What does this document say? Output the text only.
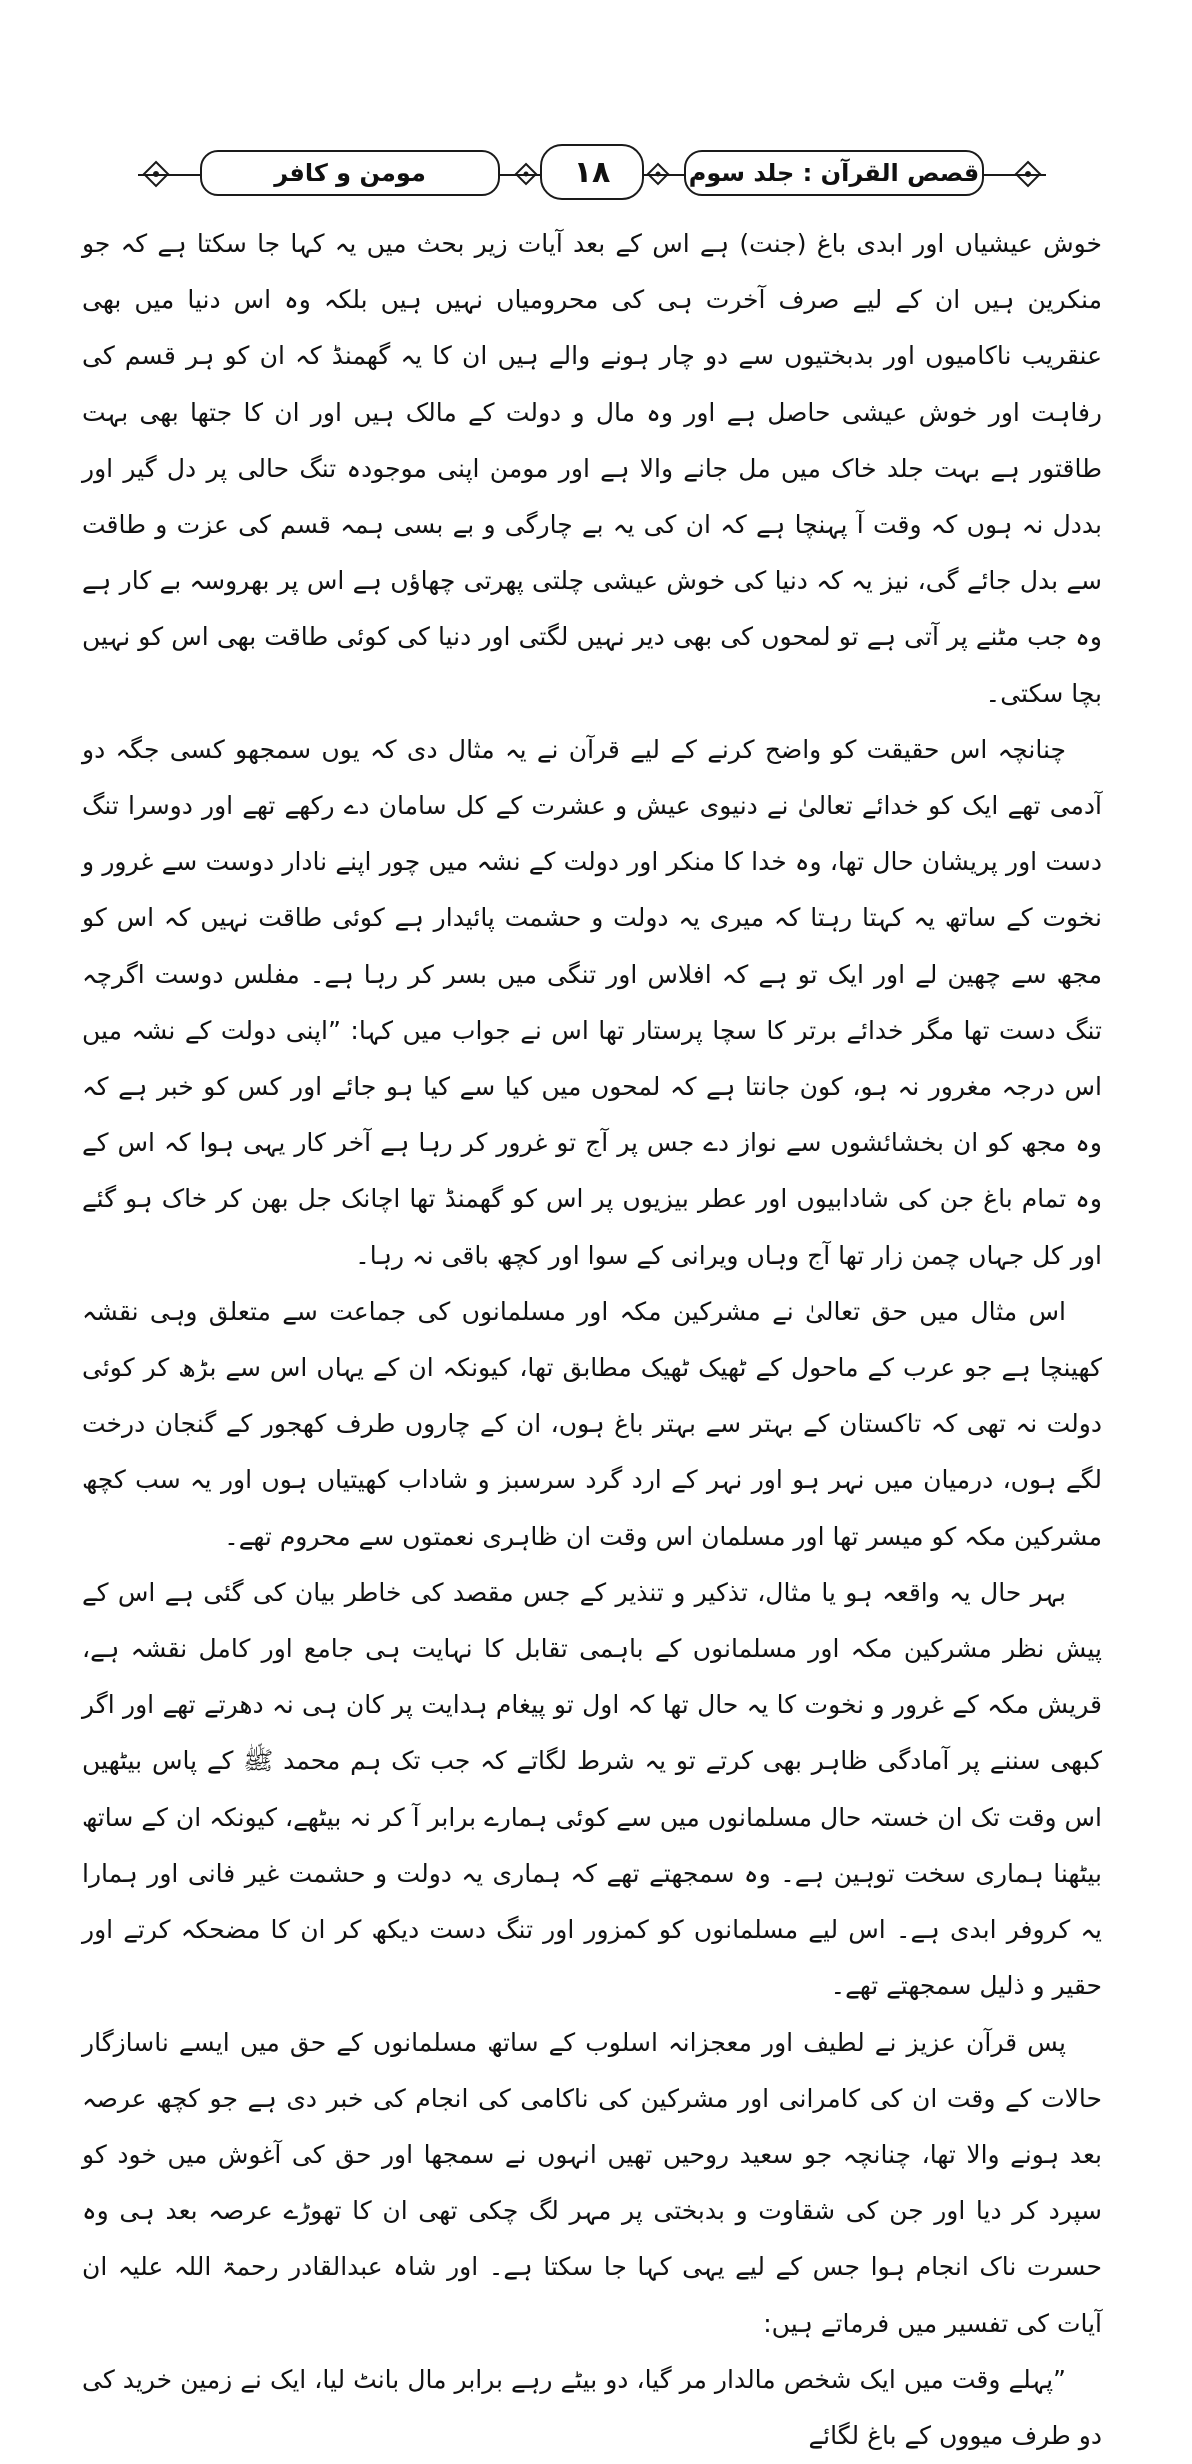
قصص القرآن : جلد سوم
۱۸
مومن و کافر

خوش عیشیاں اور ابدی باغ (جنت) ہے اس کے بعد آیات زیر بحث میں یہ کہا جا سکتا ہے کہ جو منکرین ہیں ان کے لیے صرف آخرت ہی کی محرومیاں نہیں ہیں بلکہ وہ اس دنیا میں بھی عنقریب ناکامیوں اور بدبختیوں سے دو چار ہونے والے ہیں ان کا یہ گھمنڈ کہ ان کو ہر قسم کی رفاہت اور خوش عیشی حاصل ہے اور وہ مال و دولت کے مالک ہیں اور ان کا جتھا بھی بہت طاقتور ہے بہت جلد خاک میں مل جانے والا ہے اور مومن اپنی موجودہ تنگ حالی پر دل گیر اور بددل نہ ہوں کہ وقت آ پہنچا ہے کہ ان کی یہ بے چارگی و بے بسی ہمہ قسم کی عزت و طاقت سے بدل جائے گی، نیز یہ کہ دنیا کی خوش عیشی چلتی پھرتی چھاؤں ہے اس پر بھروسہ بے کار ہے وہ جب مٹنے پر آتی ہے تو لمحوں کی بھی دیر نہیں لگتی اور دنیا کی کوئی طاقت بھی اس کو نہیں بچا سکتی۔

چنانچہ اس حقیقت کو واضح کرنے کے لیے قرآن نے یہ مثال دی کہ یوں سمجھو کسی جگہ دو آدمی تھے ایک کو خدائے تعالیٰ نے دنیوی عیش و عشرت کے کل سامان دے رکھے تھے اور دوسرا تنگ دست اور پریشان حال تھا، وہ خدا کا منکر اور دولت کے نشہ میں چور اپنے نادار دوست سے غرور و نخوت کے ساتھ یہ کہتا رہتا کہ میری یہ دولت و حشمت پائیدار ہے کوئی طاقت نہیں کہ اس کو مجھ سے چھین لے اور ایک تو ہے کہ افلاس اور تنگی میں بسر کر رہا ہے۔ مفلس دوست اگرچہ تنگ دست تھا مگر خدائے برتر کا سچا پرستار تھا اس نے جواب میں کہا: ”اپنی دولت کے نشہ میں اس درجہ مغرور نہ ہو، کون جانتا ہے کہ لمحوں میں کیا سے کیا ہو جائے اور کس کو خبر ہے کہ وہ مجھ کو ان بخشائشوں سے نواز دے جس پر آج تو غرور کر رہا ہے آخر کار یہی ہوا کہ اس کے وہ تمام باغ جن کی شادابیوں اور عطر بیزیوں پر اس کو گھمنڈ تھا اچانک جل بھن کر خاک ہو گئے اور کل جہاں چمن زار تھا آج وہاں ویرانی کے سوا اور کچھ باقی نہ رہا۔

اس مثال میں حق تعالیٰ نے مشرکین مکہ اور مسلمانوں کی جماعت سے متعلق وہی نقشہ کھینچا ہے جو عرب کے ماحول کے ٹھیک ٹھیک مطابق تھا، کیونکہ ان کے یہاں اس سے بڑھ کر کوئی دولت نہ تھی کہ تاکستان کے بہتر سے بہتر باغ ہوں، ان کے چاروں طرف کھجور کے گنجان درخت لگے ہوں، درمیان میں نہر ہو اور نہر کے ارد گرد سرسبز و شاداب کھیتیاں ہوں اور یہ سب کچھ مشرکین مکہ کو میسر تھا اور مسلمان اس وقت ان ظاہری نعمتوں سے محروم تھے۔

بہر حال یہ واقعہ ہو یا مثال، تذکیر و تنذیر کے جس مقصد کی خاطر بیان کی گئی ہے اس کے پیش نظر مشرکین مکہ اور مسلمانوں کے باہمی تقابل کا نہایت ہی جامع اور کامل نقشہ ہے، قریش مکہ کے غرور و نخوت کا یہ حال تھا کہ اول تو پیغام ہدایت پر کان ہی نہ دھرتے تھے اور اگر کبھی سننے پر آمادگی ظاہر بھی کرتے تو یہ شرط لگاتے کہ جب تک ہم محمد ﷺ کے پاس بیٹھیں اس وقت تک ان خستہ حال مسلمانوں میں سے کوئی ہمارے برابر آ کر نہ بیٹھے، کیونکہ ان کے ساتھ بیٹھنا ہماری سخت توہین ہے۔ وہ سمجھتے تھے کہ ہماری یہ دولت و حشمت غیر فانی اور ہمارا یہ کروفر ابدی ہے۔ اس لیے مسلمانوں کو کمزور اور تنگ دست دیکھ کر ان کا مضحکہ کرتے اور حقیر و ذلیل سمجھتے تھے۔

پس قرآن عزیز نے لطیف اور معجزانہ اسلوب کے ساتھ مسلمانوں کے حق میں ایسے ناسازگار حالات کے وقت ان کی کامرانی اور مشرکین کی ناکامی کی انجام کی خبر دی ہے جو کچھ عرصہ بعد ہونے والا تھا، چنانچہ جو سعید روحیں تھیں انہوں نے سمجھا اور حق کی آغوش میں خود کو سپرد کر دیا اور جن کی شقاوت و بدبختی پر مہر لگ چکی تھی ان کا تھوڑے عرصہ بعد ہی وہ حسرت ناک انجام ہوا جس کے لیے یہی کہا جا سکتا ہے۔ اور شاہ عبدالقادر رحمۃ اللہ علیہ ان آیات کی تفسیر میں فرماتے ہیں:

”پہلے وقت میں ایک شخص مالدار مر گیا، دو بیٹے رہے برابر مال بانٹ لیا، ایک نے زمین خرید کی دو طرف میووں کے باغ لگائے
